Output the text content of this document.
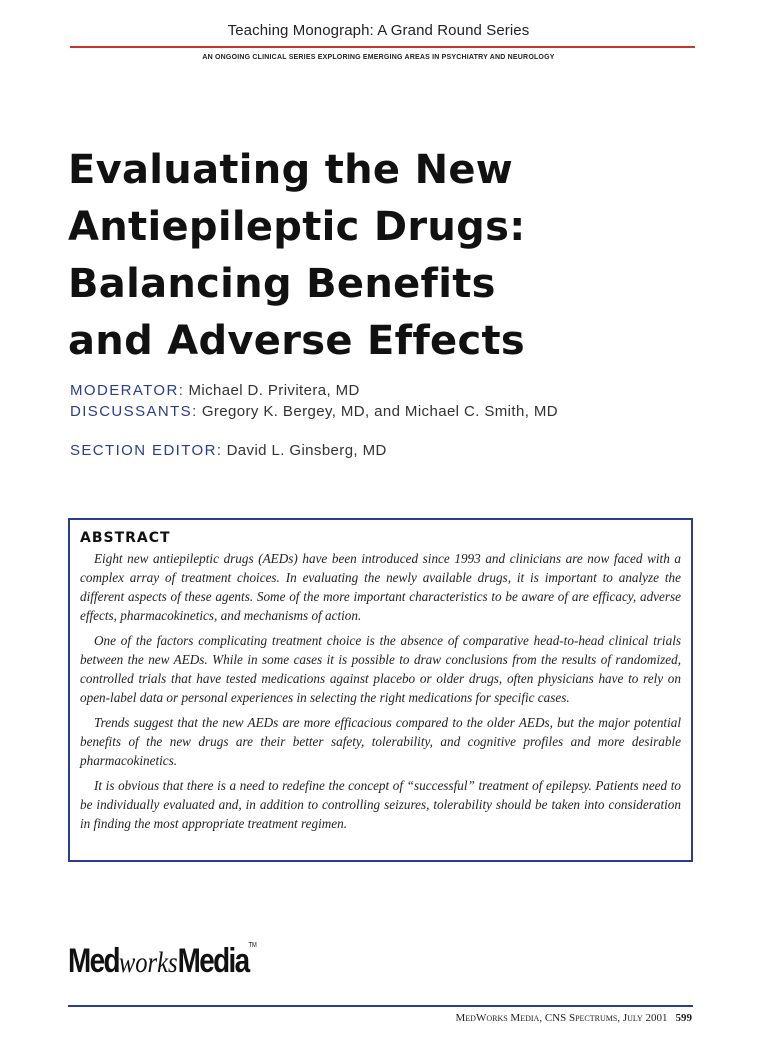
Teaching Monograph: A Grand Round Series
AN ONGOING CLINICAL SERIES EXPLORING EMERGING AREAS IN PSYCHIATRY AND NEUROLOGY
Evaluating the New
Antiepileptic Drugs:
Balancing Benefits
and Adverse Effects
MODERATOR: Michael D. Privitera, MD
DISCUSSANTS: Gregory K. Bergey, MD, and Michael C. Smith, MD
SECTION EDITOR: David L. Ginsberg, MD
ABSTRACT

Eight new antiepileptic drugs (AEDs) have been introduced since 1993 and clinicians are now faced with a complex array of treatment choices. In evaluating the newly available drugs, it is important to analyze the different aspects of these agents. Some of the more important characteristics to be aware of are efficacy, adverse effects, pharmacokinetics, and mechanisms of action.

One of the factors complicating treatment choice is the absence of comparative head-to-head clinical trials between the new AEDs. While in some cases it is possible to draw conclusions from the results of randomized, controlled trials that have tested medications against placebo or older drugs, often physicians have to rely on open-label data or personal experiences in selecting the right medications for specific cases.

Trends suggest that the new AEDs are more efficacious compared to the older AEDs, but the major potential benefits of the new drugs are their better safety, tolerability, and cognitive profiles and more desirable pharmacokinetics.

It is obvious that there is a need to redefine the concept of “successful” treatment of epilepsy. Patients need to be individually evaluated and, in addition to controlling seizures, tolerability should be taken into consideration in finding the most appropriate treatment regimen.

MedworksMedia™
MedWorks Media, CNS Spectrums, July 2001 599
